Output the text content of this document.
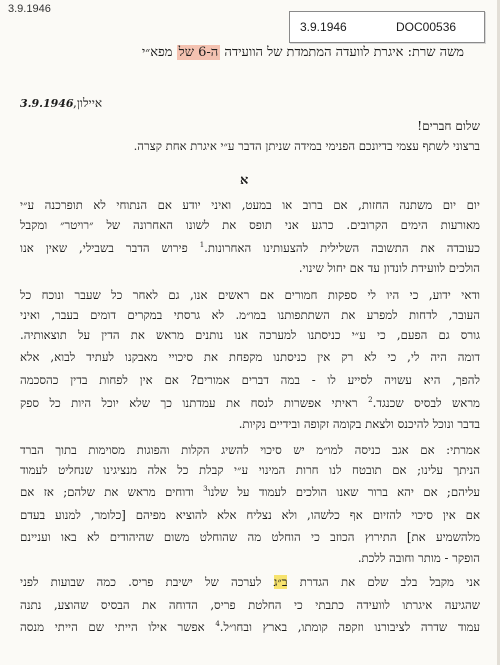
3.9.1946
3.9.1946	DOC00536
משה שרת: איגרת לוועדה המתמדת של הוועידה ה-6 של מפא״י
3.9.1946 איילון,
שלום חברים!
ברצוני לשתף עצמי בדיונכם הפנימי במידה שניתן הדבר ע״י איגרת אחת קצרה.
א
יום יום משתנה החזות, אם ברוב או במעט, ואיני יודע אם הנתוחי לא תופרכנה ע״י
מאורעות הימים הקרובים. כרגע אני תופס את לשונו האחרונה של ״רויטר״ ומקבל
כעובדה את התשובה השלילית להצעותינו האחרונות.$^1$ פירוש הדבר בשבילי, שאין אנו
הולכים לוועידת לונדון עד אם יחול שינוי.
ודאי ידוע, כי היו לי ספקות חמורים אם ראשים אנו, גם לאחר כל שעבר ונוכח כל
העובר, לדחות למפרע את השתתפותנו במו״מ. לא גרסתי במקרים דומים בעבר, ואיני
גורס גם הפעם, כי ע״י כניסתנו למערכה אנו נותנים מראש את הדין על תוצאותיה.
דומה היה לי, כי לא רק אין כניסתנו מקפחת את סיכויי מאבקנו לעתיד לבוא, אלא
להפך, היא עשויה לסייע לו - במה דברים אמורים? אם אין לפחות בדין כהסכמה
מראש לבסיס שכנגד.$^2$ ראיתי אפשרות לנסח את עמדתנו כך שלא יוכל היות כל ספק
בדבר ונוכל להיכנס ולצאת בקומה זקופה ובידיים נקיות.
אמרתי: אם אגב כניסה למו״מ יש סיכוי להשיג הקלות והפוגות מסוימות בתוך הברד
הניתך עלינו; אם תובטח לנו חרות המינוי ע״י קבלת כל אלה מנציגינו שנחליט לעמוד
עליהם; אם יהא ברור שאנו הולכים לעמוד על שלנו$^3$ ודוחים מראש את שלהם; אז אם
אם אין סיכוי להזיום אף כלשהו, ולא נצליח אלא להוציא מפיהם [כלומר, למנוע בעדם
מלהשמיע את] התירוץ הכוזב כי הוחלט מה שהוחלט משום שהיהודים לא באו ועניינם
הופקר - מותר וחובה ללכת.
אני מקבל בלב שלם את הגדרת ב״ג לערכה של ישיבת פריס. כמה שבועות לפני
שהגיעה איגרתו לוועידה כתבתי כי החלטת פריס, הדוחה את הבסיס שהוצע, נתנה
עמוד שדרה לציבורנו וזקפה קומתו, בארץ ובחו״ל.$^4$ אפשר אילו הייתי שם הייתי מנסה
